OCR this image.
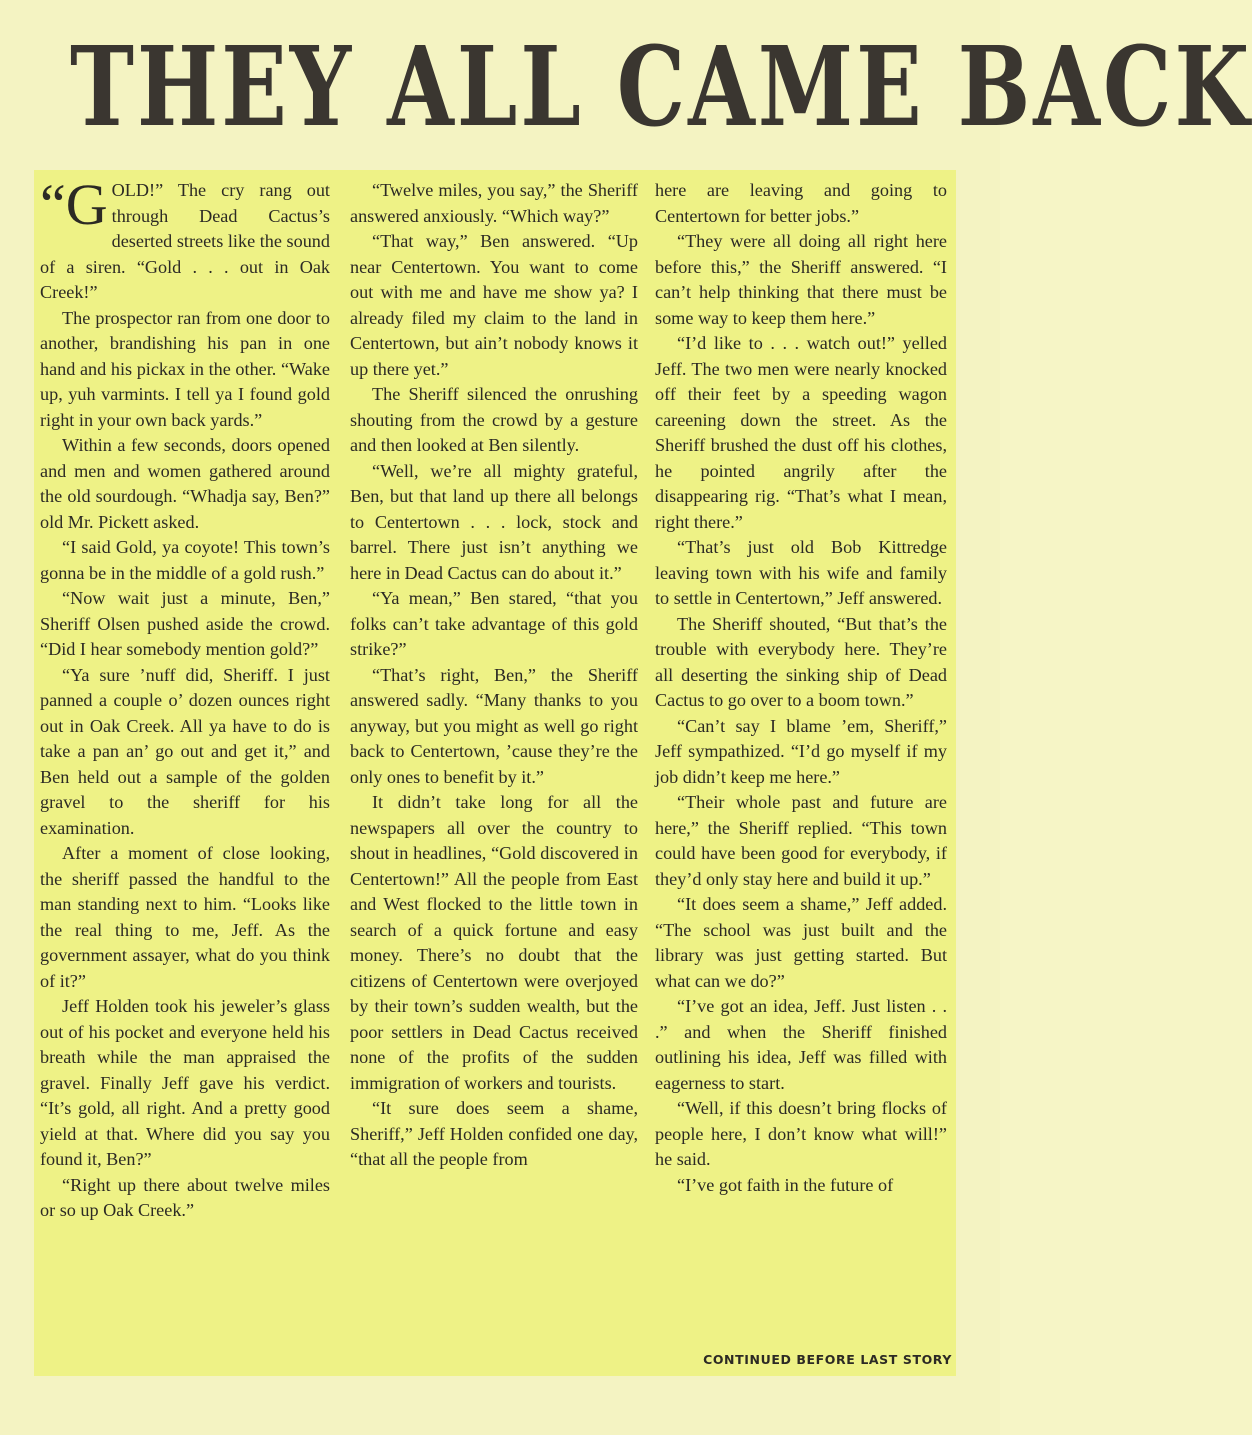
THEY ALL CAME BACK

“GOLD!” The cry rang out through Dead Cactus’s deserted streets like the sound of a siren. “Gold . . . out in Oak Creek!”

The prospector ran from one door to another, brandishing his pan in one hand and his pickax in the other. “Wake up, yuh varmints. I tell ya I found gold right in your own back yards.”

Within a few seconds, doors opened and men and women gathered around the old sourdough. “Whadja say, Ben?” old Mr. Pickett asked.

“I said Gold, ya coyote! This town’s gonna be in the middle of a gold rush.”

“Now wait just a minute, Ben,” Sheriff Olsen pushed aside the crowd. “Did I hear somebody mention gold?”

“Ya sure ’nuff did, Sheriff. I just panned a couple o’ dozen ounces right out in Oak Creek. All ya have to do is take a pan an’ go out and get it,” and Ben held out a sample of the golden gravel to the sheriff for his examination.

After a moment of close looking, the sheriff passed the handful to the man standing next to him. “Looks like the real thing to me, Jeff. As the government assayer, what do you think of it?”

Jeff Holden took his jeweler’s glass out of his pocket and everyone held his breath while the man appraised the gravel. Finally Jeff gave his verdict. “It’s gold, all right. And a pretty good yield at that. Where did you say you found it, Ben?”

“Right up there about twelve miles or so up Oak Creek.”

“Twelve miles, you say,” the Sheriff answered anxiously. “Which way?”

“That way,” Ben answered. “Up near Centertown. You want to come out with me and have me show ya? I already filed my claim to the land in Centertown, but ain’t nobody knows it up there yet.”

The Sheriff silenced the onrushing shouting from the crowd by a gesture and then looked at Ben silently.

“Well, we’re all mighty grateful, Ben, but that land up there all belongs to Centertown . . . lock, stock and barrel. There just isn’t anything we here in Dead Cactus can do about it.”

“Ya mean,” Ben stared, “that you folks can’t take advantage of this gold strike?”

“That’s right, Ben,” the Sheriff answered sadly. “Many thanks to you anyway, but you might as well go right back to Centertown, ’cause they’re the only ones to benefit by it.”

It didn’t take long for all the newspapers all over the country to shout in headlines, “Gold discovered in Centertown!” All the people from East and West flocked to the little town in search of a quick fortune and easy money. There’s no doubt that the citizens of Centertown were overjoyed by their town’s sudden wealth, but the poor settlers in Dead Cactus received none of the profits of the sudden immigration of workers and tourists.

“It sure does seem a shame, Sheriff,” Jeff Holden confided one day, “that all the people from

here are leaving and going to Centertown for better jobs.”

“They were all doing all right here before this,” the Sheriff answered. “I can’t help thinking that there must be some way to keep them here.”

“I’d like to . . . watch out!” yelled Jeff. The two men were nearly knocked off their feet by a speeding wagon careening down the street. As the Sheriff brushed the dust off his clothes, he pointed angrily after the disappearing rig. “That’s what I mean, right there.”

“That’s just old Bob Kittredge leaving town with his wife and family to settle in Centertown,” Jeff answered.

The Sheriff shouted, “But that’s the trouble with everybody here. They’re all deserting the sinking ship of Dead Cactus to go over to a boom town.”

“Can’t say I blame ’em, Sheriff,” Jeff sympathized. “I’d go myself if my job didn’t keep me here.”

“Their whole past and future are here,” the Sheriff replied. “This town could have been good for everybody, if they’d only stay here and build it up.”

“It does seem a shame,” Jeff added. “The school was just built and the library was just getting started. But what can we do?”

“I’ve got an idea, Jeff. Just listen . . .” and when the Sheriff finished outlining his idea, Jeff was filled with eagerness to start.

“Well, if this doesn’t bring flocks of people here, I don’t know what will!” he said.

“I’ve got faith in the future of

CONTINUED BEFORE LAST STORY
